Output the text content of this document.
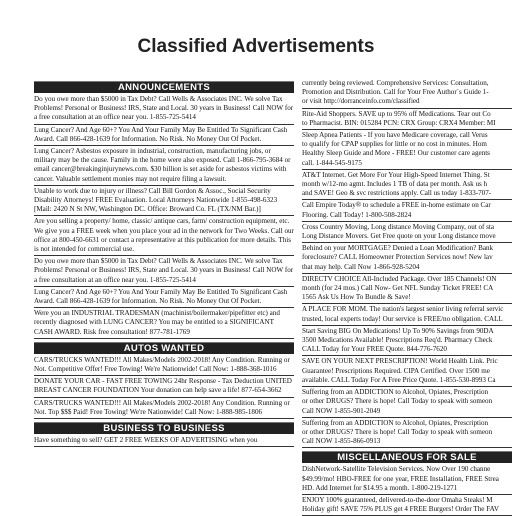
Classified Advertisements
ANNOUNCEMENTS
Do you owe more than $5000 in Tax Debt? Call Wells & Associates INC. We solve Tax Problems! Personal or Business! IRS, State and Local. 30 years in Business! Call NOW for a free consultation at an office near you. 1-855-725-5414
Lung Cancer? And Age 60+? You And Your Family May Be Entitled To Significant Cash Award. Call 866-428-1639 for Information. No Risk. No Money Out Of Pocket.
Lung Cancer? Asbestos exposure in industrial, construction, manufacturing jobs, or military may be the cause. Family in the home were also exposed. Call 1-866-795-3684 or email cancer@breakinginjurynews.com. $30 billion is set aside for asbestos victims with cancer. Valuable settlement monies may not require filing a lawsuit.
Unable to work due to injury or illness? Call Bill Gordon & Assoc., Social Security Disability Attorneys! FREE Evaluation. Local Attorneys Nationwide 1-855-498-6323 [Mail: 2420 N St NW, Washington DC. Office: Broward Co. FL (TX/NM Bar.)]
Are you selling a property/ home, classic/ antique cars, farm/ construction equipment, etc. We give you a FREE week when you place your ad in the network for Two Weeks. Call our office at 800-450-6631 or contact a representative at this publication for more details. This is not intended for commercial use.
Do you owe more than $5000 in Tax Debt? Call Wells & Associates INC. We solve Tax Problems! Personal or Business! IRS, State and Local. 30 years in Business! Call NOW for a free consultation at an office near you. 1-855-725-5414
Lung Cancer? And Age 60+? You And Your Family May Be Entitled To Significant Cash Award. Call 866-428-1639 for Information. No Risk. No Money Out Of Pocket.
Were you an INDUSTRIAL TRADESMAN (machinist/boilermaker/pipefitter etc) and recently diagnosed with LUNG CANCER? You may be entitled to a SIGNIFICANT CASH AWARD. Risk free consultation! 877-781-1769
AUTOS WANTED
CARS/TRUCKS WANTED!!! All Makes/Models 2002-2018! Any Condition. Running or Not. Competitive Offer! Free Towing! We're Nationwide! Call Now: 1-888-368-1016
DONATE YOUR CAR - FAST FREE TOWING 24hr Response - Tax Deduction UNITED BREAST CANCER FOUNDATION Your donation can help save a life! 877-654-3662
CARS/TRUCKS WANTED!!! All Makes/Models 2002-2018! Any Condition. Running or Not. Top $$$ Paid! Free Towing! We're Nationwide! Call Now: 1-888-985-1806
BUSINESS TO BUSINESS
Have something to sell? GET 2 FREE WEEKS OF ADVERTISING when you
currently being reviewed. Comprehensive Services: Consultation,
Promotion and Distribution. Call for Your Free Author`s Guide 1-
or visit http://dorranceinfo.com/classified
Rite-Aid Shoppers. SAVE up to 95% off Medications. Tear out Co
to Pharmacist. BIN: 015284 PCN: CRX Group: CRX4 Member: MI
Sleep Apnea Patients - If you have Medicare coverage, call Verus
to qualify for CPAP supplies for little or no cost in minutes. Hom
Healthy Sleep Guide and More - FREE! Our customer care agents
call. 1-844-545-9175
AT&T Internet. Get More For Your High-Speed Internet Thing. St
month w/12-mo agmt. Includes 1 TB of data per month. Ask us h
and SAVE! Geo & svc restrictions apply. Call us today 1-833-707-
Call Empire Today® to schedule a FREE in-home estimate on Car
Flooring. Call Today! 1-800-508-2824
Cross Country Moving, Long distance Moving Company, out of sta
Long Distance Movers. Get Free quote on your Long distance move
Behind on your MORTGAGE? Denied a Loan Modification? Bank
foreclosure? CALL Homeowner Protection Services now! New lav
that may help. Call Now 1-866-928-5204
DIRECTV CHOICE All-Included Package. Over 185 Channels! ON
month (for 24 mos.) Call Now- Get NFL Sunday Ticket FREE! CA
1565 Ask Us How To Bundle & Save!
A PLACE FOR MOM. The nation's largest senior living referral servic
trusted, local experts today! Our service is FREE/no obligation. CALL
Start Saving BIG On Medications! Up To 90% Savings from 90DA
3500 Medications Available! Prescriptions Req'd. Pharmacy Check
CALL Today for Your FREE Quote. 844-776-7620
SAVE ON YOUR NEXT PRESCRIPTION! World Health Link. Pric
Guarantee! Prescriptions Required. CIPA Certified. Over 1500 me
available. CALL Today For A Free Price Quote. 1-855-530-8993 Ca
Suffering from an ADDICTION to Alcohol, Opiates, Prescription
or other DRUGS? There is hope! Call Today to speak with someon
Call NOW 1-855-901-2049
Suffering from an ADDICTION to Alcohol, Opiates, Prescription
or other DRUGS? There is hope! Call Today to speak with someon
Call NOW 1-855-866-0913
MISCELLANEOUS FOR SALE
DishNetwork-Satellite Television Services. Now Over 190 channe
$49.99/mo! HBO-FREE for one year, FREE Installation, FREE Strea
HD. Add Internet for $14.95 a month. 1-800-219-1271
ENJOY 100% guaranteed, delivered-to-the-door Omaha Steaks! M
Holiday gift! SAVE 75% PLUS get 4 FREE Burgers! Order The FAV
